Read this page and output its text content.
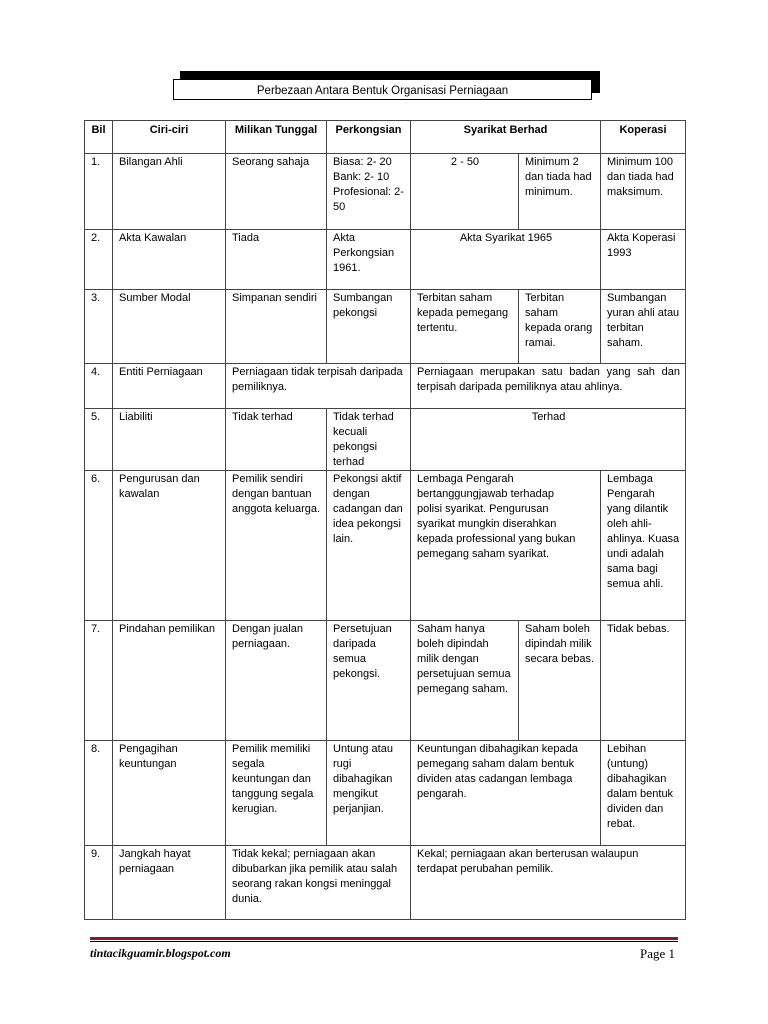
Perbezaan Antara Bentuk Organisasi Perniagaan
Bil	Ciri-ciri	Milikan Tunggal	Perkongsian	Syarikat Berhad		Koperasi
1.	Bilangan Ahli	Seorang sahaja	Biasa: 2- 20 Bank: 2- 10 Profesional: 2-50	2 - 50	Minimum 2 dan tiada had minimum.	Minimum 100 dan tiada had maksimum.
2.	Akta Kawalan	Tiada	Akta Perkongsian 1961.	Akta Syarikat 1965		Akta Koperasi 1993
3.	Sumber Modal	Simpanan sendiri	Sumbangan pekongsi	Terbitan saham kepada pemegang tertentu.	Terbitan saham kepada orang ramai.	Sumbangan yuran ahli atau terbitan saham.
4.	Entiti Perniagaan	Perniagaan tidak terpisah daripada pemiliknya.		Perniagaan merupakan satu badan yang sah dan terpisah daripada pemiliknya atau ahlinya.		
5.	Liabiliti	Tidak terhad	Tidak terhad kecuali pekongsi terhad	Terhad		
6.	Pengurusan dan kawalan	Pemilik sendiri dengan bantuan anggota keluarga.	Pekongsi aktif dengan cadangan dan idea pekongsi lain.	Lembaga Pengarah bertanggungjawab terhadap polisi syarikat. Pengurusan syarikat mungkin diserahkan kepada professional yang bukan pemegang saham syarikat.		Lembaga Pengarah yang dilantik oleh ahli-ahlinya. Kuasa undi adalah sama bagi semua ahli.
7.	Pindahan pemilikan	Dengan jualan perniagaan.	Persetujuan daripada semua pekongsi.	Saham hanya boleh dipindah milik dengan persetujuan semua pemegang saham.	Saham boleh dipindah milik secara bebas.	Tidak bebas.
8.	Pengagihan keuntungan	Pemilik memiliki segala keuntungan dan tanggung segala kerugian.	Untung atau rugi dibahagikan mengikut perjanjian.	Keuntungan dibahagikan kepada pemegang saham dalam bentuk dividen atas cadangan lembaga pengarah.		Lebihan (untung) dibahagikan dalam bentuk dividen dan rebat.
9.	Jangkah hayat perniagaan	Tidak kekal; perniagaan akan dibubarkan jika pemilik atau salah seorang rakan kongsi meninggal dunia.		Kekal; perniagaan akan berterusan walaupun terdapat perubahan pemilik.		
tintacikguamir.blogspot.com	Page 1
